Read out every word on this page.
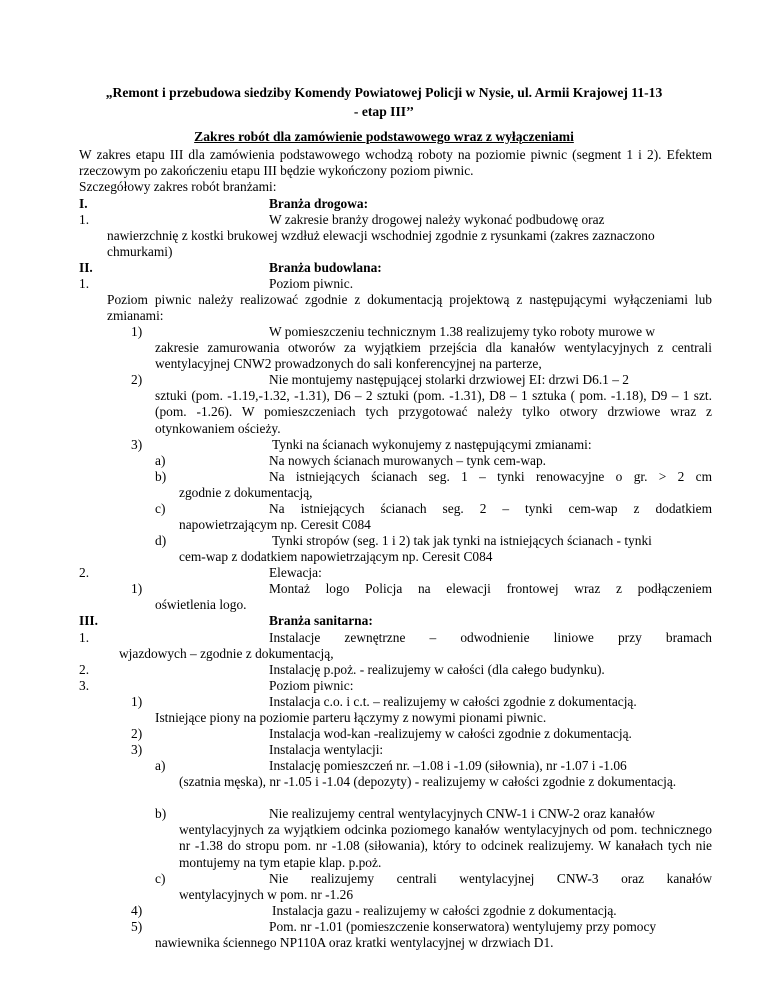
„Remont i przebudowa siedziby Komendy Powiatowej Policji w Nysie, ul. Armii Krajowej 11-13
- etap III’’
Zakres robót dla zamówienie podstawowego wraz z wyłączeniami
W zakres etapu III dla zamówienia podstawowego wchodzą roboty na poziomie piwnic (segment 1 i 2). Efektem rzeczowym po zakończeniu etapu III będzie wykończony poziom piwnic.
Szczegółowy zakres robót branżami:
I.	Branża drogowa:
1.	W zakresie branży drogowej należy wykonać podbudowę oraz
nawierzchnię z kostki brukowej wzdłuż elewacji wschodniej zgodnie z rysunkami (zakres zaznaczono chmurkami)
II.	Branża budowlana:
1.	Poziom piwnic.
Poziom piwnic należy realizować zgodnie z dokumentacją projektową z następującymi wyłączeniami lub zmianami:
1)	W pomieszczeniu technicznym 1.38 realizujemy tyko roboty murowe w
zakresie zamurowania otworów za wyjątkiem przejścia dla kanałów wentylacyjnych z centrali wentylacyjnej CNW2 prowadzonych do sali konferencyjnej na parterze,
2)	Nie montujemy następującej stolarki drzwiowej EI: drzwi D6.1 – 2
sztuki (pom. -1.19,-1.32, -1.31), D6 – 2 sztuki (pom. -1.31), D8 – 1 sztuka ( pom. -1.18), D9 – 1 szt. (pom. -1.26). W pomieszczeniach tych przygotować należy tylko otwory drzwiowe wraz z otynkowaniem ościeży.
3)	Tynki na ścianach wykonujemy z następującymi zmianami:
a)	Na nowych ścianach murowanych – tynk cem-wap.
b)	Na istniejących ścianach seg. 1 – tynki renowacyjne o gr. > 2 cm
zgodnie z dokumentacją,
c)	Na istniejących ścianach seg. 2 – tynki cem-wap z dodatkiem
napowietrzającym np. Ceresit C084
d)	Tynki stropów (seg. 1 i 2) tak jak tynki na istniejących ścianach - tynki
cem-wap z dodatkiem napowietrzającym np. Ceresit C084
2.	Elewacja:
1)	Montaż logo Policja na elewacji frontowej wraz z podłączeniem
oświetlenia logo.
III.	Branża sanitarna:
1.	Instalacje zewnętrzne – odwodnienie liniowe przy bramach
wjazdowych – zgodnie z dokumentacją,
2.	Instalację p.poż. - realizujemy w całości (dla całego budynku).
3.	Poziom piwnic:
1)	Instalacja c.o. i c.t. – realizujemy w całości zgodnie z dokumentacją.
Istniejące piony na poziomie parteru łączymy z nowymi pionami piwnic.
2)	Instalacja wod-kan -realizujemy w całości zgodnie z dokumentacją.
3)	Instalacja wentylacji:
a)	Instalację pomieszczeń nr. –1.08 i -1.09 (siłownia), nr -1.07 i -1.06
(szatnia męska), nr -1.05 i -1.04 (depozyty) - realizujemy w całości zgodnie z dokumentacją.
b)	Nie realizujemy central wentylacyjnych CNW-1 i CNW-2 oraz kanałów
wentylacyjnych za wyjątkiem odcinka poziomego kanałów wentylacyjnych od pom. technicznego nr -1.38 do stropu pom. nr -1.08 (siłowania), który to odcinek realizujemy. W kanałach tych nie montujemy na tym etapie klap. p.poż.
c)	Nie realizujemy centrali wentylacyjnej CNW-3 oraz kanałów
wentylacyjnych w pom. nr -1.26
4)	Instalacja gazu - realizujemy w całości zgodnie z dokumentacją.
5)	Pom. nr -1.01 (pomieszczenie konserwatora) wentylujemy przy pomocy
nawiewnika ściennego NP110A oraz kratki wentylacyjnej w drzwiach D1.
